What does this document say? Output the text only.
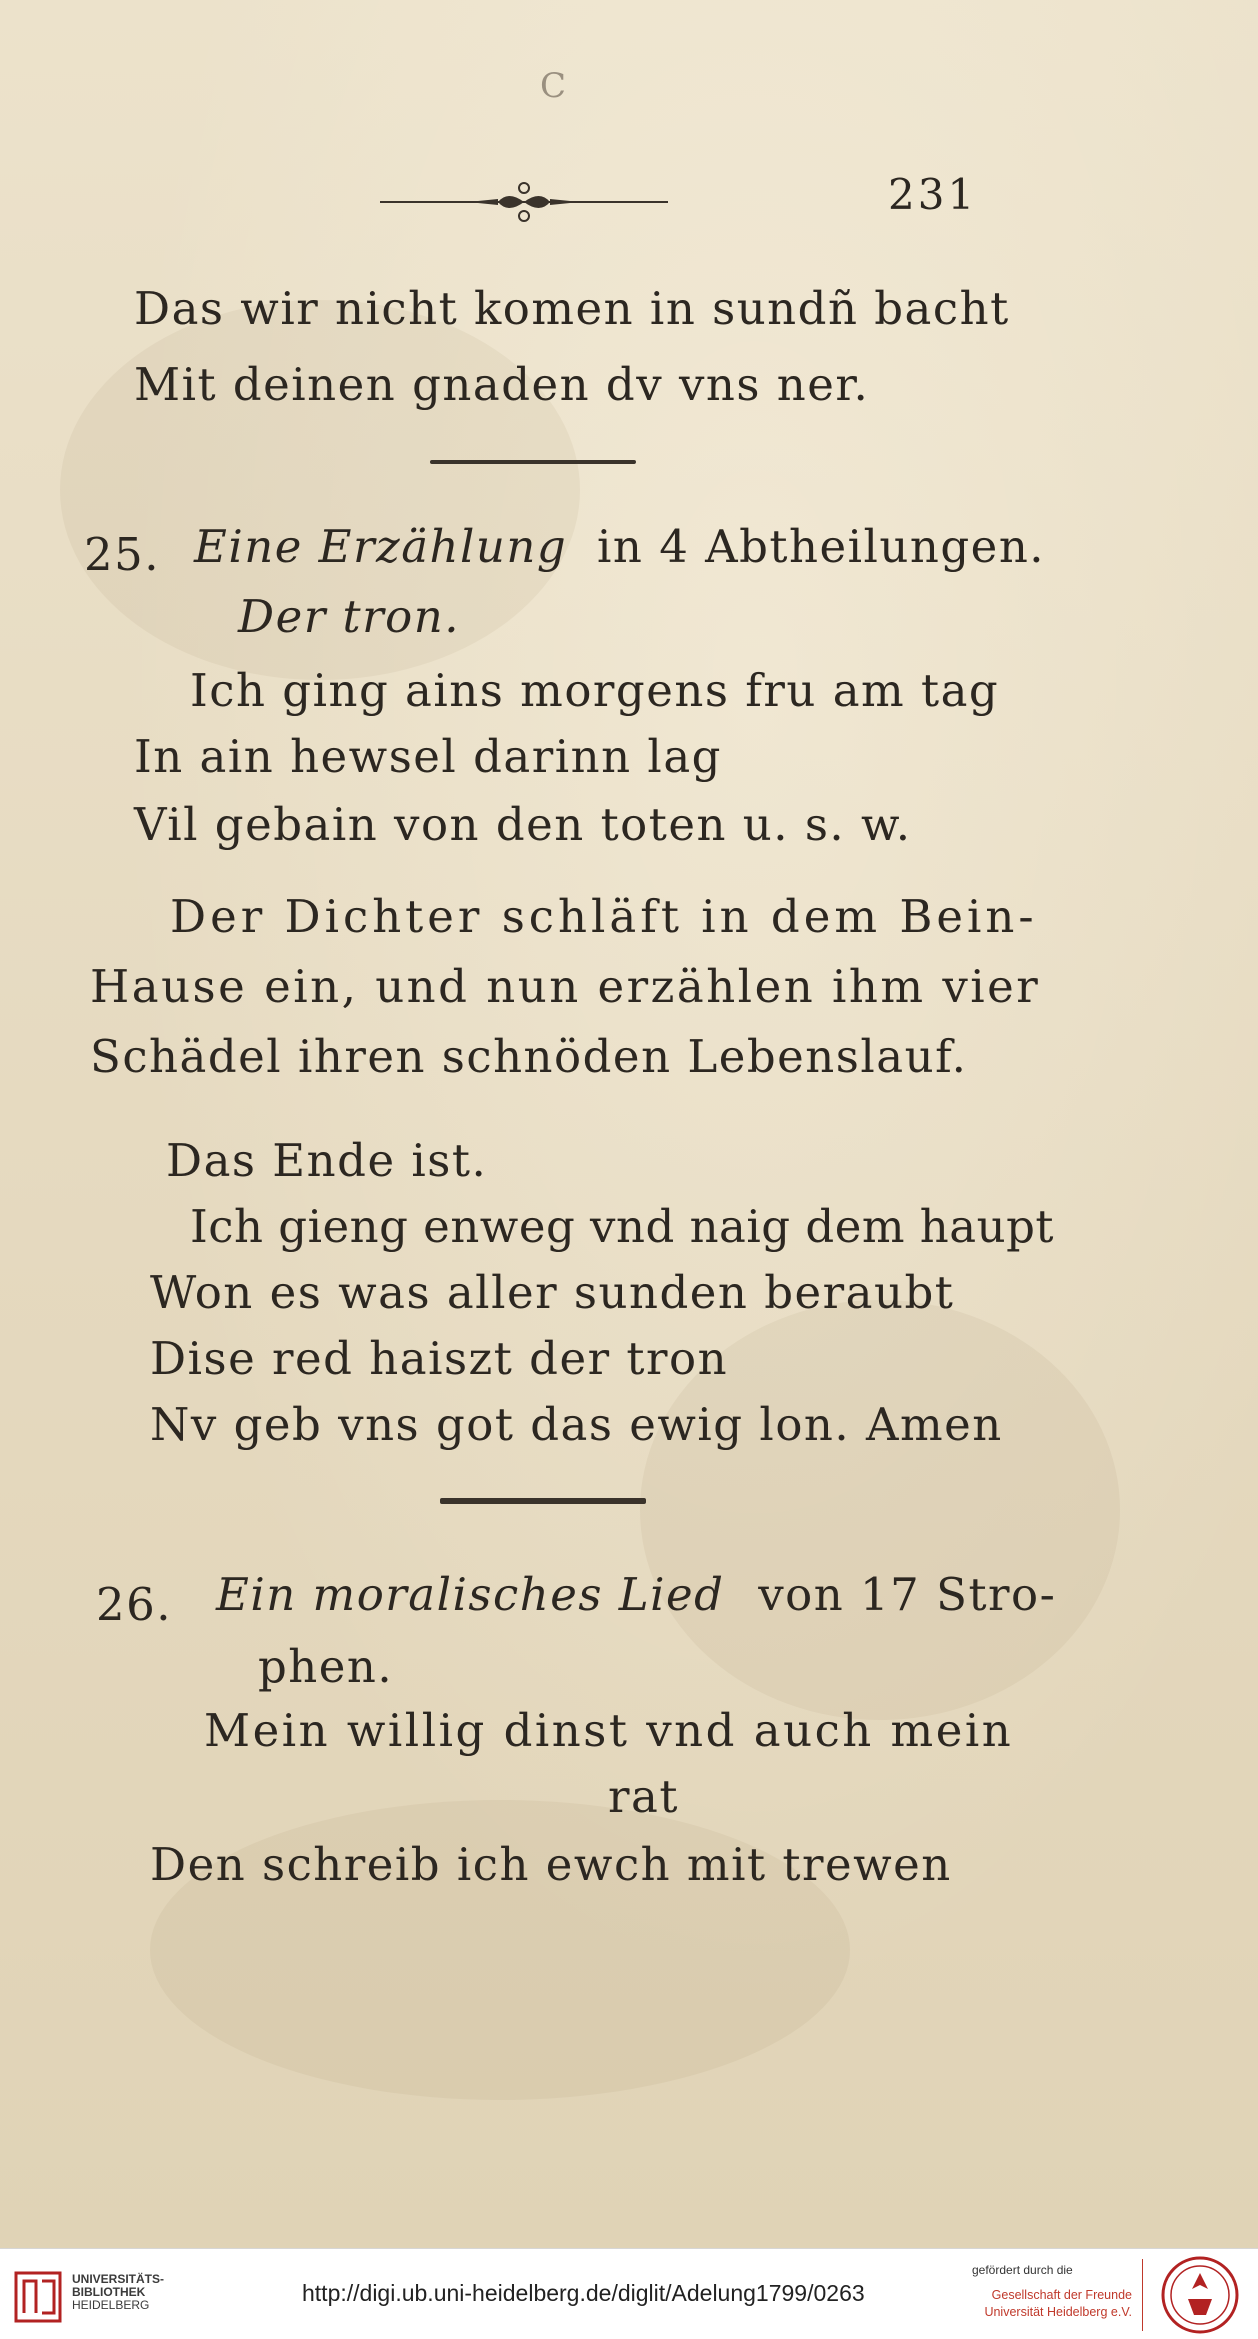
C
231
Das wir nicht komen in sundñ bacht
Mit deinen gnaden dv vns ner.
25. Eine Erzählung in 4 Abtheilungen.
Der tron.
Ich ging ains morgens fru am tag
In ain hewsel darinn lag
Vil gebain von den toten u. s. w.
Der Dichter schläft in dem Bein-
Hause ein, und nun erzählen ihm vier
Schädel ihren schnöden Lebenslauf.
Das Ende ist.
Ich gieng enweg vnd naig dem haupt
Won es was aller sunden beraubt
Dise red haiszt der tron
Nv geb vns got das ewig lon. Amen
26. Ein moralisches Lied von 17 Stro-
phen.
Mein willig dinst vnd auch mein
rat
Den schreib ich ewch mit trewen
UNIVERSITÄTS-
BIBLIOTHEK
HEIDELBERG	http://digi.ub.uni-heidelberg.de/diglit/Adelung1799/0263
gefördert durch die
Gesellschaft der Freunde
Universität Heidelberg e.V.
